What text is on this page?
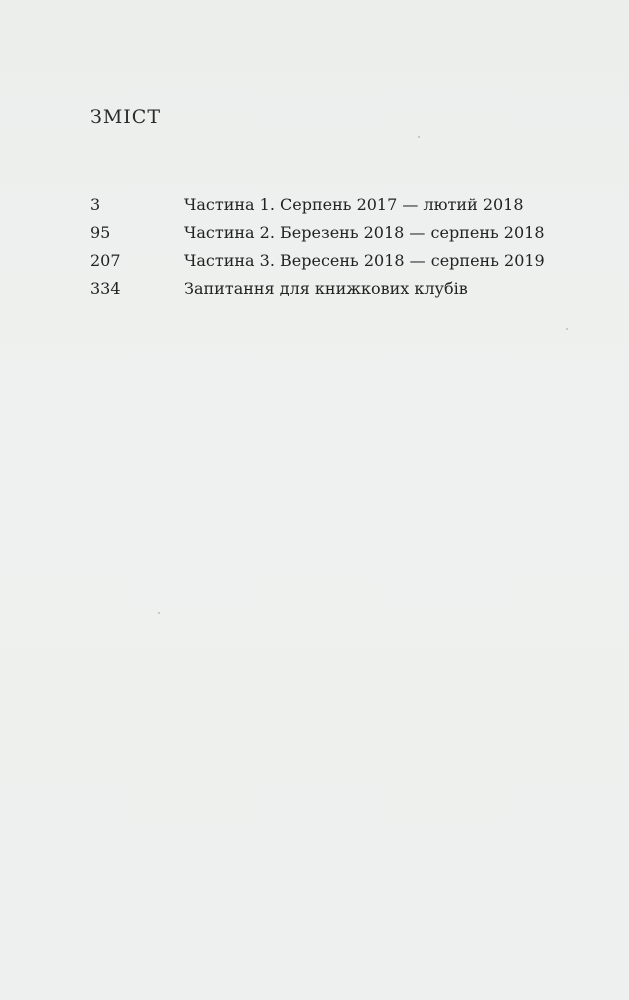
ЗМІСТ
3	Частина 1. Серпень 2017 — лютий 2018
95	Частина 2. Березень 2018 — серпень 2018
207	Частина 3. Вересень 2018 — серпень 2019
334	Запитання для книжкових клубів
